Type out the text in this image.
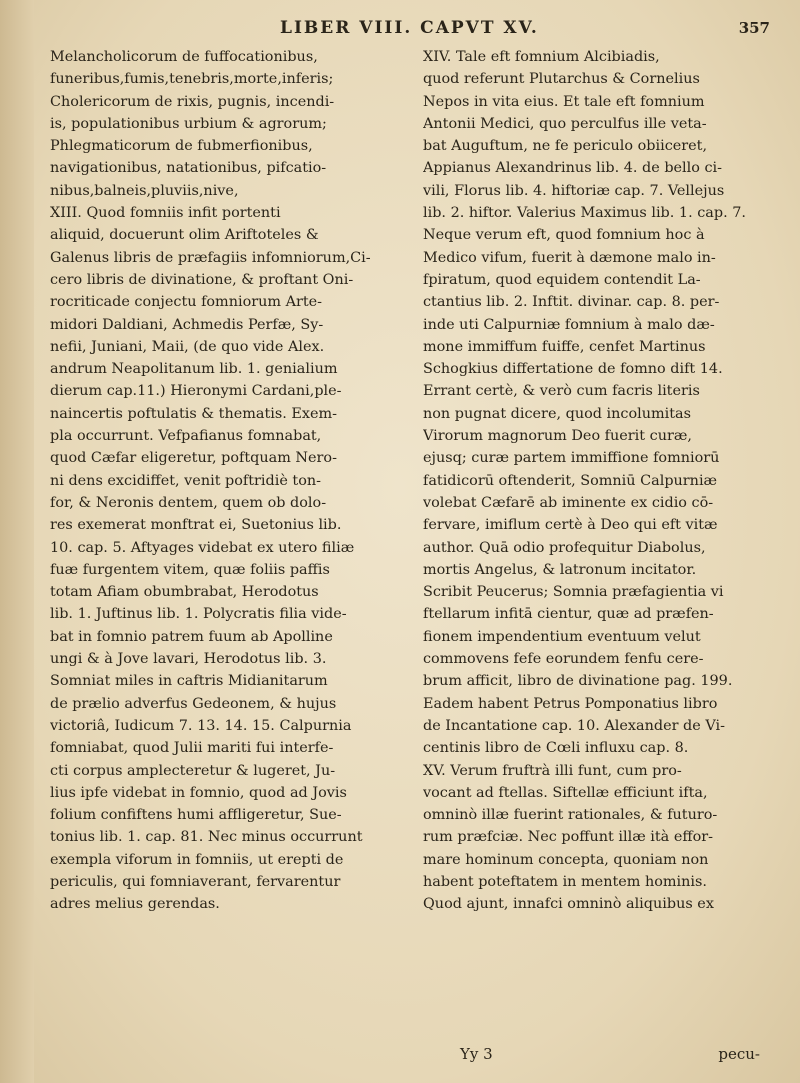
LIBER VIII. CAPVT XV.	357
Melancholicorum de fuffocationibus,
funeribus,fumis,tenebris,morte,inferis;
Cholericorum de rixis, pugnis, incendi-
is, populationibus urbium & agrorum;
Phlegmaticorum de fubmerfionibus,
navigationibus, natationibus, pifcatio-
nibus,balneis,pluviis,nive,
XIII. Quod fomniis infit portenti
aliquid, docuerunt olim Ariftoteles &
Galenus libris de præfagiis infomniorum,Ci-
cero libris de divinatione, & proftant Oni-
rocriticade conjectu fomniorum Arte-
midori Daldiani, Achmedis Perfæ, Sy-
nefii, Juniani, Maii, (de quo vide Alex.
andrum Neapolitanum lib. 1. genialium
dierum cap.11.) Hieronymi Cardani,ple-
naincertis poftulatis & thematis. Exem-
pla occurrunt. Vefpafianus fomnabat,
quod Cæfar eligeretur, poftquam Nero-
ni dens excidiffet, venit poftridiè ton-
for, & Neronis dentem, quem ob dolo-
res exemerat monftrat ei, Suetonius lib.
10. cap. 5. Aftyages videbat ex utero filiæ
fuæ furgentem vitem, quæ foliis paffis
totam Afiam obumbrabat, Herodotus
lib. 1. Juftinus lib. 1. Polycratis filia vide-
bat in fomnio patrem fuum ab Apolline
ungi & à Jove lavari, Herodotus lib. 3.
Somniat miles in caftris Midianitarum
de prælio adverfus Gedeonem, & hujus
victoriâ, Iudicum 7. 13. 14. 15. Calpurnia
fomniabat, quod Julii mariti fui interfe-
cti corpus amplecteretur & lugeret, Ju-
lius ipfe videbat in fomnio, quod ad Jovis
folium confiftens humi affligeretur, Sue-
tonius lib. 1. cap. 81. Nec minus occurrunt
exempla viforum in fomniis, ut erepti de
periculis, qui fomniaverant, fervarentur
adres melius gerendas.
XIV. Tale eft fomnium Alcibiadis,
quod referunt Plutarchus & Cornelius
Nepos in vita eius. Et tale eft fomnium
Antonii Medici, quo perculfus ille veta-
bat Auguftum, ne fe periculo obiiceret,
Appianus Alexandrinus lib. 4. de bello ci-
vili, Florus lib. 4. hiftoriæ cap. 7. Vellejus
lib. 2. hiftor. Valerius Maximus lib. 1. cap. 7.
Neque verum eft, quod fomnium hoc à
Medico vifum, fuerit à dæmone malo in-
fpiratum, quod equidem contendit La-
ctantius lib. 2. Inftit. divinar. cap. 8. per-
inde uti Calpurniæ fomnium à malo dæ-
mone immiffum fuiffe, cenfet Martinus
Schogkius differtatione de fomno dift 14.
Errant certè, & verò cum facris literis
non pugnat dicere, quod incolumitas
Virorum magnorum Deo fuerit curæ,
ejusq; curæ partem immiffione fomniorū
fatidicorū oftenderit, Somniū Calpurniæ
volebat Cæfarē ab iminente ex cidio cō-
fervare, imiflum certè à Deo qui eft vitæ
author. Quā odio profequitur Diabolus,
mortis Angelus, & latronum incitator.
Scribit Peucerus; Somnia præfagientia vi
ftellarum infitā cientur, quæ ad præfen-
fionem impendentium eventuum velut
commovens fefe eorundem fenfu cere-
brum afficit, libro de divinatione pag. 199.
Eadem habent Petrus Pomponatius libro
de Incantatione cap. 10. Alexander de Vi-
centinis libro de Cœli influxu cap. 8.
XV. Verum fruftrà illi funt, cum pro-
vocant ad ftellas. Siftellæ efficiunt ifta,
omninò illæ fuerint rationales, & futuro-
rum præfciæ. Nec poffunt illæ ità effor-
mare hominum concepta, quoniam non
habent poteftatem in mentem hominis.
Quod ajunt, innafci omninò aliquibus ex
Yy 3	pecu-
